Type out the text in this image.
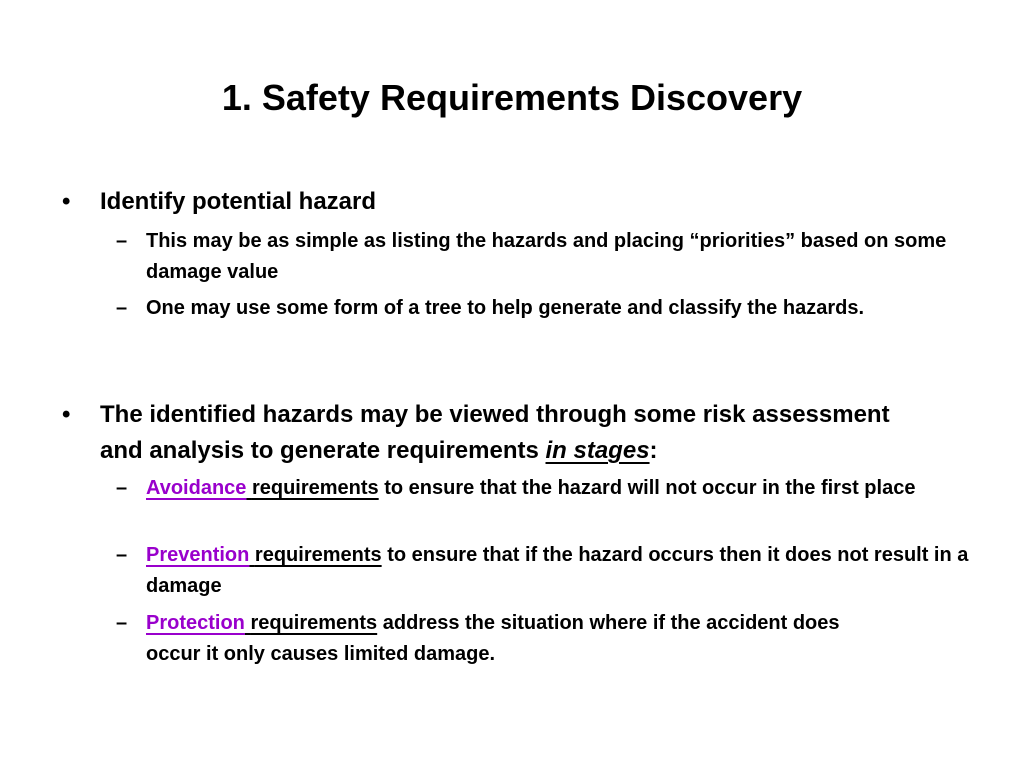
1. Safety Requirements Discovery
• Identify potential hazard
– This may be as simple as listing the hazards and placing “priorities” based on some damage value
– One may use some form of a tree to help generate and classify the hazards.
• The identified hazards may be viewed through some risk assessment and analysis to generate requirements in stages:
– Avoidance requirements to ensure that the hazard will not occur in the first place
– Prevention requirements to ensure that if the hazard occurs then it does not result in a damage
– Protection requirements address the situation where if the accident does occur it only causes limited damage.
